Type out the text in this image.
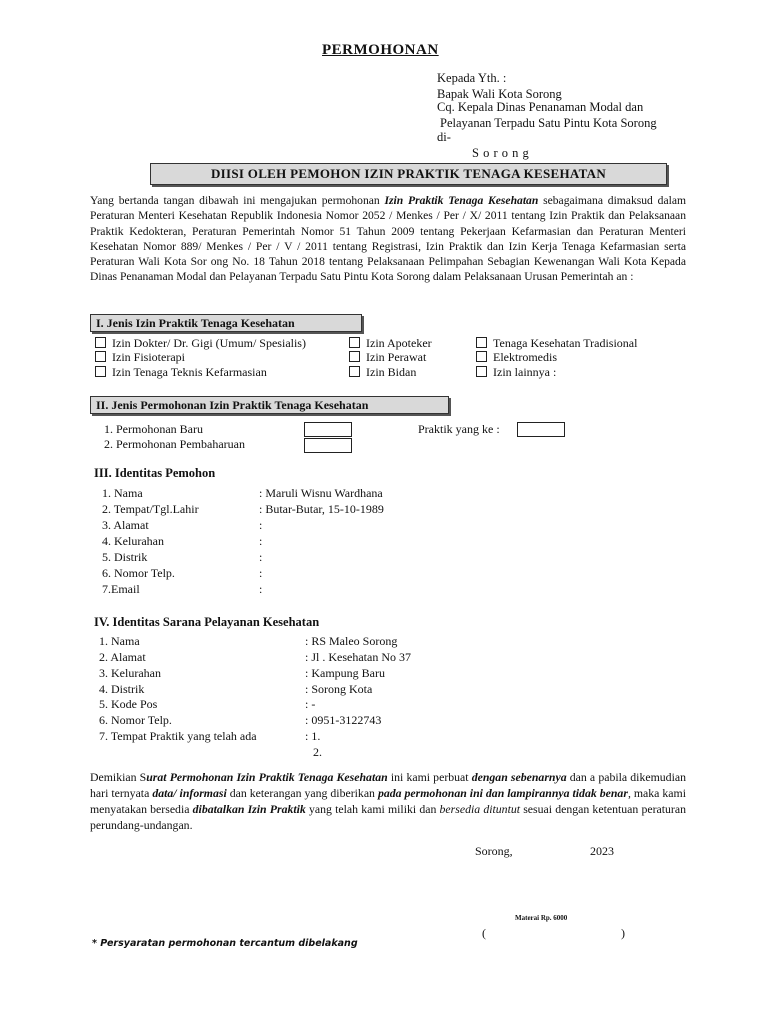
PERMOHONAN
Kepada Yth. :
Bapak Wali Kota Sorong
Cq. Kepala Dinas Penanaman Modal dan
Pelayanan Terpadu Satu Pintu Kota Sorong
di-
S o r o n g
DIISI OLEH PEMOHON IZIN PRAKTIK TENAGA KESEHATAN
Yang bertanda tangan dibawah ini mengajukan permohonan Izin Praktik Tenaga Kesehatan sebagaimana dimaksud dalam Peraturan Menteri Kesehatan Republik Indonesia Nomor 2052 / Menkes / Per / X/ 2011 tentang Izin Praktik dan Pelaksanaan Praktik Kedokteran, Peraturan Pemerintah Nomor 51 Tahun 2009 tentang Pekerjaan Kefarmasian dan Peraturan Menteri Kesehatan Nomor 889/ Menkes / Per / V / 2011 tentang Registrasi, Izin Praktik dan Izin Kerja Tenaga Kefarmasian serta Peraturan Wali Kota Sor ong No. 18 Tahun 2018 tentang Pelaksanaan Pelimpahan Sebagian Kewenangan Wali Kota Kepada Dinas Penanaman Modal dan Pelayanan Terpadu Satu Pintu Kota Sorong dalam Pelaksanaan Urusan Pemerintah an :
I. Jenis Izin Praktik Tenaga Kesehatan
Izin Dokter/ Dr. Gigi (Umum/ Spesialis)
Izin Fisioterapi
Izin Tenaga Teknis Kefarmasian
Izin Apoteker
Izin Perawat
Izin Bidan
Tenaga Kesehatan Tradisional
Elektromedis
Izin lainnya :
II. Jenis Permohonan Izin Praktik Tenaga Kesehatan
1. Permohonan Baru
2. Permohonan Pembaharuan
Praktik yang ke :
III. Identitas Pemohon
1. Nama	: Maruli Wisnu Wardhana
2. Tempat/Tgl.Lahir	: Butar-Butar, 15-10-1989
3. Alamat	:
4. Kelurahan	:
5. Distrik	:
6. Nomor Telp.	:
7.Email	:
IV. Identitas Sarana Pelayanan Kesehatan
1. Nama	: RS Maleo Sorong
2. Alamat	: Jl . Kesehatan No 37
3. Kelurahan	: Kampung Baru
4. Distrik	: Sorong Kota
5. Kode Pos	: -
6. Nomor Telp.	: 0951-3122743
7. Tempat Praktik yang telah ada	: 1.
2.
Demikian Surat Permohonan Izin Praktik Tenaga Kesehatan ini kami perbuat dengan sebenarnya dan a pabila dikemudian hari ternyata data/ informasi dan keterangan yang diberikan pada permohonan ini dan lampirannya tidak benar, maka kami menyatakan bersedia dibatalkan Izin Praktik yang telah kami miliki dan bersedia dituntut sesuai dengan ketentuan peraturan perundang-undangan.
Sorong,	2023
Materai Rp. 6000
(	)
* Persyaratan permohonan tercantum dibelakang
